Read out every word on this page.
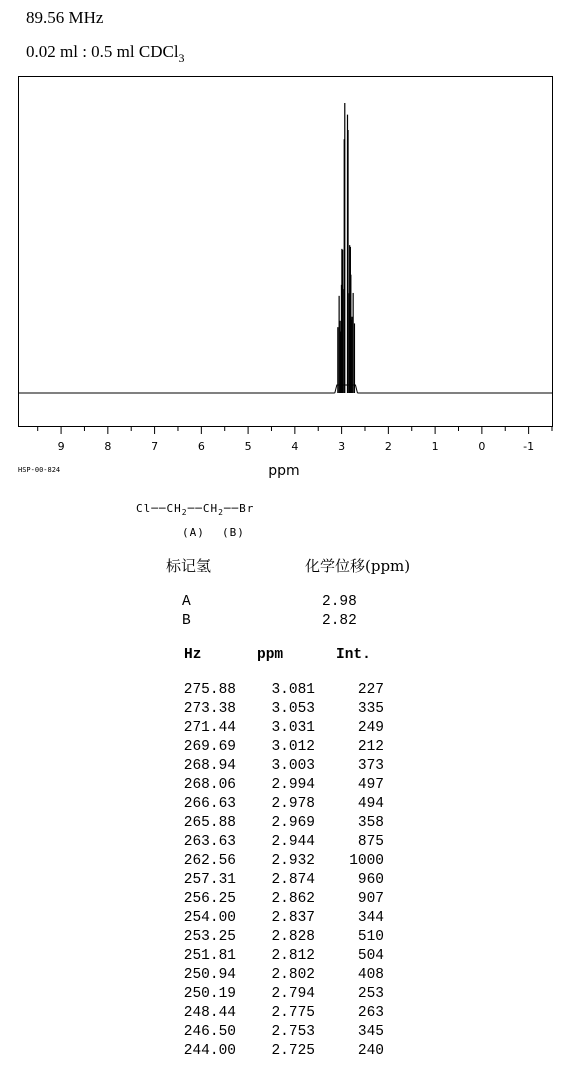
89.56 MHz
0.02 ml : 0.5 ml CDCl$_3$
9	8	7	6	5	4	3	2	1	0	-1
ppm
HSP-00-824
$Cl──CH_2──CH_2──Br$
(A) (B)
标记氢	化学位移(ppm)
A	2.98
B	2.82
Hz	ppm	Int.
275.88	3.081	227
273.38	3.053	335
271.44	3.031	249
269.69	3.012	212
268.94	3.003	373
268.06	2.994	497
266.63	2.978	494
265.88	2.969	358
263.63	2.944	875
262.56	2.932	1000
257.31	2.874	960
256.25	2.862	907
254.00	2.837	344
253.25	2.828	510
251.81	2.812	504
250.94	2.802	408
250.19	2.794	253
248.44	2.775	263
246.50	2.753	345
244.00	2.725	240
